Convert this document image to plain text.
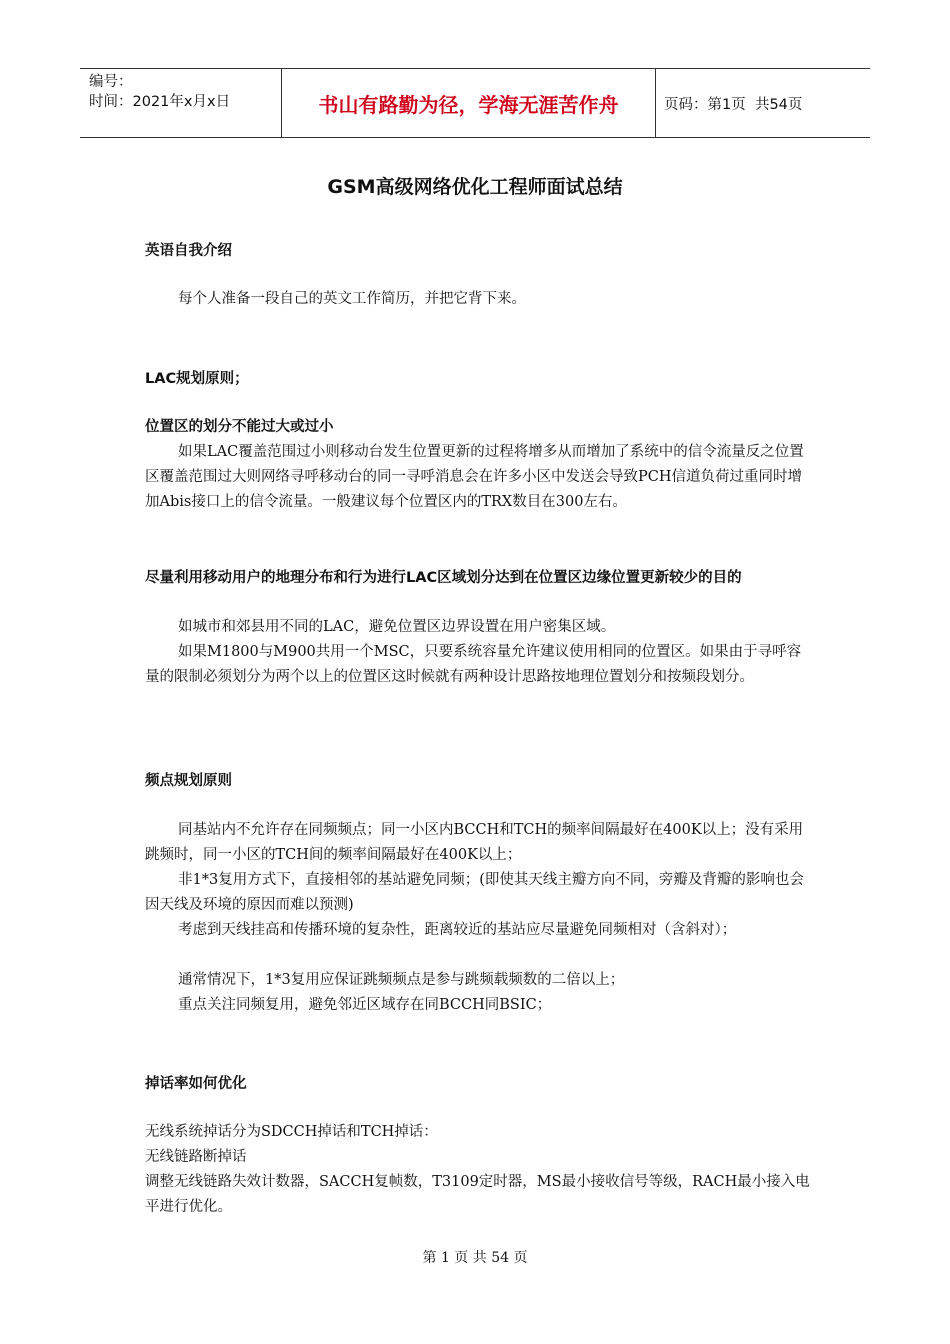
编号：
时间：2021年x月x日	书山有路勤为径，学海无涯苦作舟	页码：第1页  共54页
GSM高级网络优化工程师面试总结
英语自我介绍
每个人准备一段自己的英文工作简历，并把它背下来。
LAC规划原则；
位置区的划分不能过大或过小
如果LAC覆盖范围过小则移动台发生位置更新的过程将增多从而增加了系统中的信令流量反之位置区覆盖范围过大则网络寻呼移动台的同一寻呼消息会在许多小区中发送会导致PCH信道负荷过重同时增加Abis接口上的信令流量。一般建议每个位置区内的TRX数目在300左右。
尽量利用移动用户的地理分布和行为进行LAC区域划分达到在位置区边缘位置更新较少的目的
如城市和郊县用不同的LAC，避免位置区边界设置在用户密集区域。
如果M1800与M900共用一个MSC，只要系统容量允许建议使用相同的位置区。如果由于寻呼容量的限制必须划分为两个以上的位置区这时候就有两种设计思路按地理位置划分和按频段划分。
频点规划原则
同基站内不允许存在同频频点；同一小区内BCCH和TCH的频率间隔最好在400K以上；没有采用跳频时，同一小区的TCH间的频率间隔最好在400K以上；
非1*3复用方式下，直接相邻的基站避免同频；(即使其天线主瓣方向不同，旁瓣及背瓣的影响也会因天线及环境的原因而难以预测)
考虑到天线挂高和传播环境的复杂性，距离较近的基站应尽量避免同频相对（含斜对）；
通常情况下，1*3复用应保证跳频频点是参与跳频载频数的二倍以上；
重点关注同频复用，避免邻近区域存在同BCCH同BSIC；
掉话率如何优化
无线系统掉话分为SDCCH掉话和TCH掉话：
无线链路断掉话
调整无线链路失效计数器，SACCH复帧数，T3109定时器，MS最小接收信号等级，RACH最小接入电平进行优化。
第 1 页 共 54 页
